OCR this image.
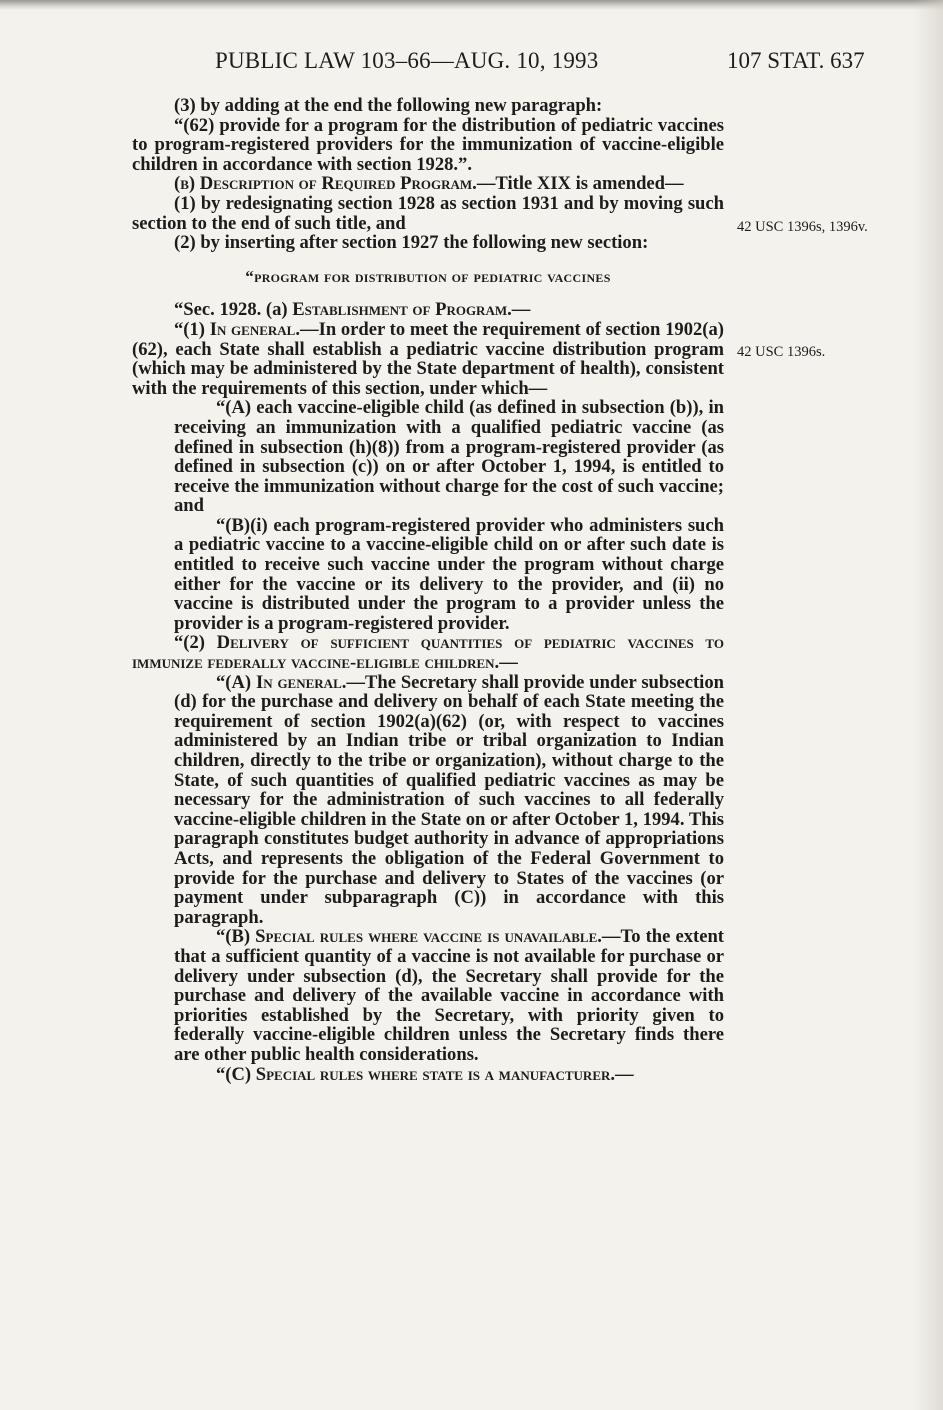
PUBLIC LAW 103–66—AUG. 10, 1993	107 STAT. 637
42 USC 1396s, 1396v.
42 USC 1396s.

(3) by adding at the end the following new paragraph:

“(62) provide for a program for the distribution of pediatric vaccines to program-registered providers for the immunization of vaccine-eligible children in accordance with section 1928.”.

(b) Description of Required Program.—Title XIX is amended—

(1) by redesignating section 1928 as section 1931 and by moving such section to the end of such title, and

(2) by inserting after section 1927 the following new section:

“program for distribution of pediatric vaccines

“Sec. 1928. (a) Establishment of Program.—

“(1) In general.—In order to meet the requirement of section 1902(a)(62), each State shall establish a pediatric vaccine distribution program (which may be administered by the State department of health), consistent with the requirements of this section, under which—

“(A) each vaccine-eligible child (as defined in subsection (b)), in receiving an immunization with a qualified pediatric vaccine (as defined in subsection (h)(8)) from a program-registered provider (as defined in subsection (c)) on or after October 1, 1994, is entitled to receive the immunization without charge for the cost of such vaccine; and

“(B)(i) each program-registered provider who administers such a pediatric vaccine to a vaccine-eligible child on or after such date is entitled to receive such vaccine under the program without charge either for the vaccine or its delivery to the provider, and (ii) no vaccine is distributed under the program to a provider unless the provider is a program-registered provider.

“(2) Delivery of sufficient quantities of pediatric vaccines to immunize federally vaccine-eligible children.—

“(A) In general.—The Secretary shall provide under subsection (d) for the purchase and delivery on behalf of each State meeting the requirement of section 1902(a)(62) (or, with respect to vaccines administered by an Indian tribe or tribal organization to Indian children, directly to the tribe or organization), without charge to the State, of such quantities of qualified pediatric vaccines as may be necessary for the administration of such vaccines to all federally vaccine-eligible children in the State on or after October 1, 1994. This paragraph constitutes budget authority in advance of appropriations Acts, and represents the obligation of the Federal Government to provide for the purchase and delivery to States of the vaccines (or payment under subparagraph (C)) in accordance with this paragraph.

“(B) Special rules where vaccine is unavailable.—To the extent that a sufficient quantity of a vaccine is not available for purchase or delivery under subsection (d), the Secretary shall provide for the purchase and delivery of the available vaccine in accordance with priorities established by the Secretary, with priority given to federally vaccine-eligible children unless the Secretary finds there are other public health considerations.

“(C) Special rules where state is a manufacturer.—
